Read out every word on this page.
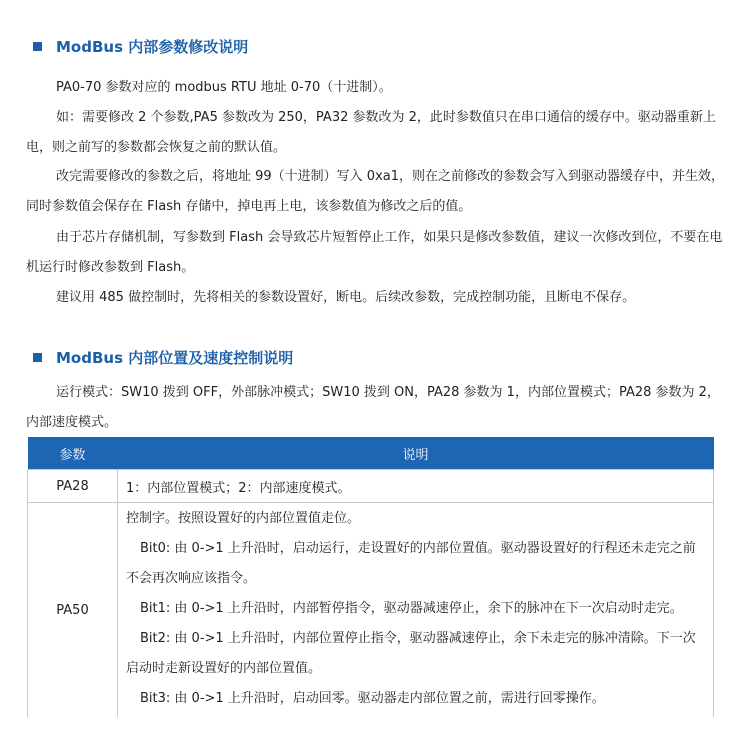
ModBus 内部参数修改说明

PA0-70 参数对应的 modbus RTU 地址 0-70（十进制）。

如：需要修改 2 个参数,PA5 参数改为 250，PA32 参数改为 2，此时参数值只在串口通信的缓存中。驱动器重新上电，则之前写的参数都会恢复之前的默认值。

改完需要修改的参数之后，将地址 99（十进制）写入 0xa1，则在之前修改的参数会写入到驱动器缓存中，并生效，同时参数值会保存在 Flash 存储中，掉电再上电，该参数值为修改之后的值。

由于芯片存储机制，写参数到 Flash 会导致芯片短暂停止工作，如果只是修改参数值，建议一次修改到位，不要在电机运行时修改参数到 Flash。

建议用 485 做控制时，先将相关的参数设置好，断电。后续改参数，完成控制功能，且断电不保存。

ModBus 内部位置及速度控制说明

运行模式：SW10 拨到 OFF，外部脉冲模式；SW10 拨到 ON，PA28 参数为 1，内部位置模式；PA28 参数为 2，内部速度模式。

参数	说明
PA28	1：内部位置模式；2：内部速度模式。
PA50	控制字。按照设置好的内部位置值走位。
Bit0: 由 0->1 上升沿时，启动运行，走设置好的内部位置值。驱动器设置好的行程还未走完之前不会再次响应该指令。
Bit1: 由 0->1 上升沿时，内部暂停指令，驱动器减速停止，余下的脉冲在下一次启动时走完。
Bit2: 由 0->1 上升沿时，内部位置停止指令，驱动器减速停止，余下未走完的脉冲清除。下一次启动时走新设置好的内部位置值。
Bit3: 由 0->1 上升沿时，启动回零。驱动器走内部位置之前，需进行回零操作。
